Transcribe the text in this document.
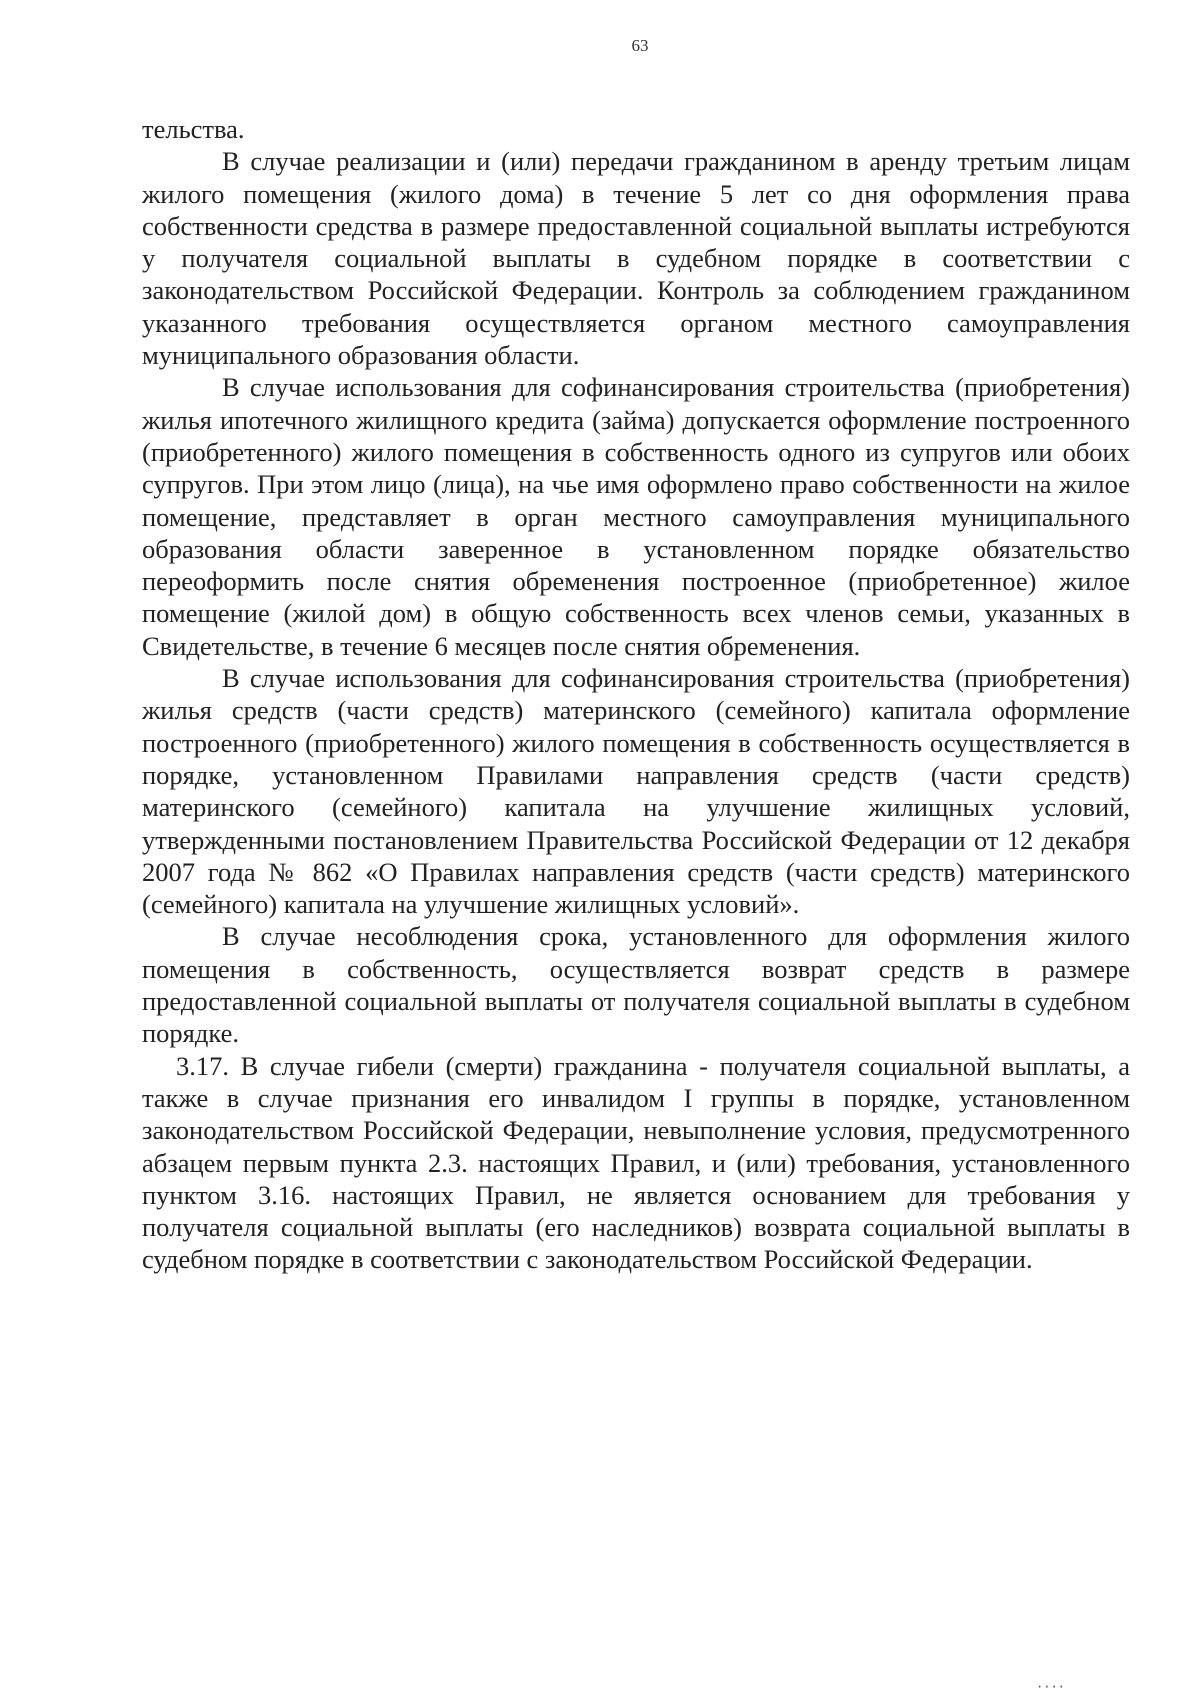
63

тельства.

В случае реализации и (или) передачи гражданином в аренду третьим лицам жилого помещения (жилого дома) в течение 5 лет со дня оформления права собственности средства в размере предоставленной социальной выплаты истребуются у получателя социальной выплаты в судебном порядке в соответствии с законодательством Российской Федерации. Контроль за соблюдением гражданином указанного требования осуществляется органом местного самоуправления муниципального образования области.

В случае использования для софинансирования строительства (приобретения) жилья ипотечного жилищного кредита (займа) допускается оформление построенного (приобретенного) жилого помещения в собственность одного из супругов или обоих супругов. При этом лицо (лица), на чье имя оформлено право собственности на жилое помещение, представляет в орган местного самоуправления муниципального образования области заверенное в установленном порядке обязательство переоформить после снятия обременения построенное (приобретенное) жилое помещение (жилой дом) в общую собственность всех членов семьи, указанных в Свидетельстве, в течение 6 месяцев после снятия обременения.

В случае использования для софинансирования строительства (приобретения) жилья средств (части средств) материнского (семейного) капитала оформление построенного (приобретенного) жилого помещения в собственность осуществляется в порядке, установленном Правилами направления средств (части средств) материнского (семейного) капитала на улучшение жилищных условий, утвержденными постановлением Правительства Российской Федерации от 12 декабря 2007 года № 862 «О Правилах направления средств (части средств) материнского (семейного) капитала на улучшение жилищных условий».

В случае несоблюдения срока, установленного для оформления жилого помещения в собственность, осуществляется возврат средств в размере предоставленной социальной выплаты от получателя социальной выплаты в судебном порядке.

3.17. В случае гибели (смерти) гражданина - получателя социальной выплаты, а также в случае признания его инвалидом I группы в порядке, установленном законодательством Российской Федерации, невыполнение условия, предусмотренного абзацем первым пункта 2.3. настоящих Правил, и (или) требования, установленного пунктом 3.16. настоящих Правил, не является основанием для требования у получателя социальной выплаты (его наследников) возврата социальной выплаты в судебном порядке в соответствии с законодательством Российской Федерации.

····
